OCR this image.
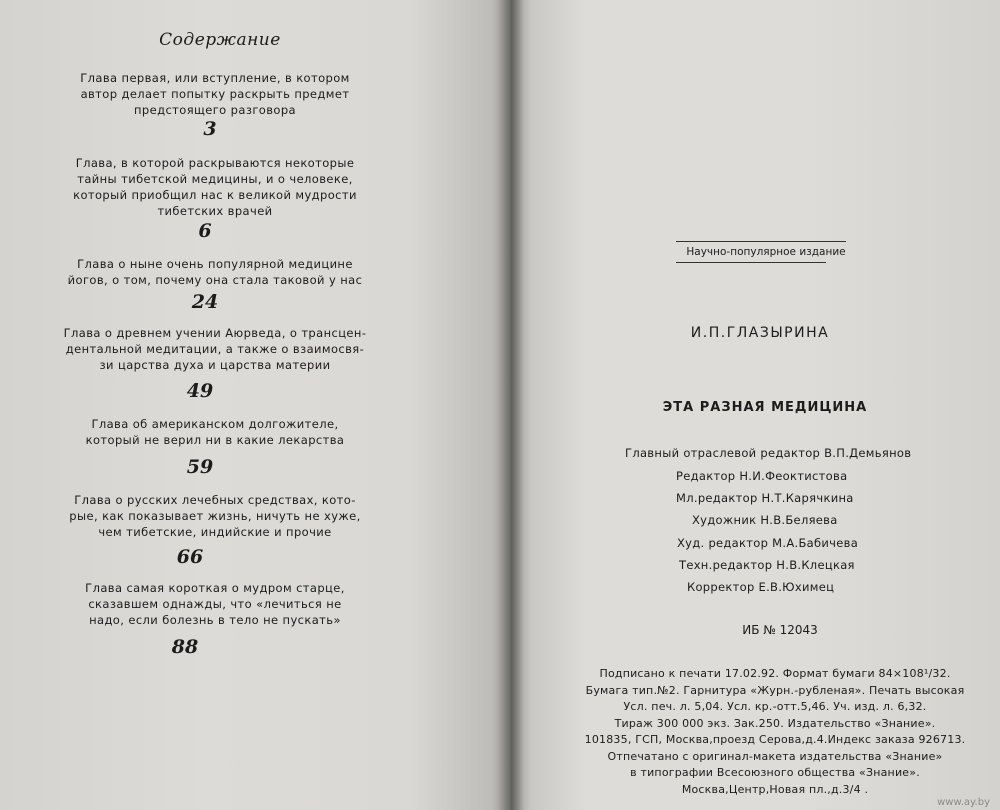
Содержание
Глава первая, или вступление, в котором
автор делает попытку раскрыть предмет
предстоящего разговора
3
Глава, в которой раскрываются некоторые
тайны тибетской медицины, и о человеке,
который приобщил нас к великой мудрости
тибетских врачей
6
Глава о ныне очень популярной медицине
йогов, о том, почему она стала таковой у нас
24
Глава о древнем учении Аюрведа, о трансцен-
дентальной медитации, а также о взаимосвя-
зи царства духа и царства материи
49
Глава об американском долгожителе,
который не верил ни в какие лекарства
59
Глава о русских лечебных средствах, кото-
рые, как показывает жизнь, ничуть не хуже,
чем тибетские, индийские и прочие
66
Глава самая короткая о мудром старце,
сказавшем однажды, что «лечиться не
надо, если болезнь в тело не пускать»
88
Научно-популярное издание
И.П.ГЛАЗЫРИНА
ЭТА РАЗНАЯ МЕДИЦИНА
Главный отраслевой редактор В.П.Демьянов
Редактор Н.И.Феоктистова
Мл.редактор Н.Т.Карячкина
Художник Н.В.Беляева
Худ. редактор М.А.Бабичева
Техн.редактор Н.В.Клецкая
Корректор Е.В.Юхимец
ИБ № 12043
Подписано к печати 17.02.92. Формат бумаги 84×108¹/32.
Бумага тип.№2. Гарнитура «Журн.-рубленая». Печать высокая
Усл. печ. л. 5,04. Усл. кр.-отт.5,46. Уч. изд. л. 6,32.
Тираж 300 000 экз. Зак.250. Издательство «Знание».
101835, ГСП, Москва,проезд Серова,д.4.Индекс заказа 926713.
Отпечатано с оригинал-макета издательства «Знание»
в типографии Всесоюзного общества «Знание».
Москва,Центр,Новая пл.,д.3/4 .
www.ay.by
